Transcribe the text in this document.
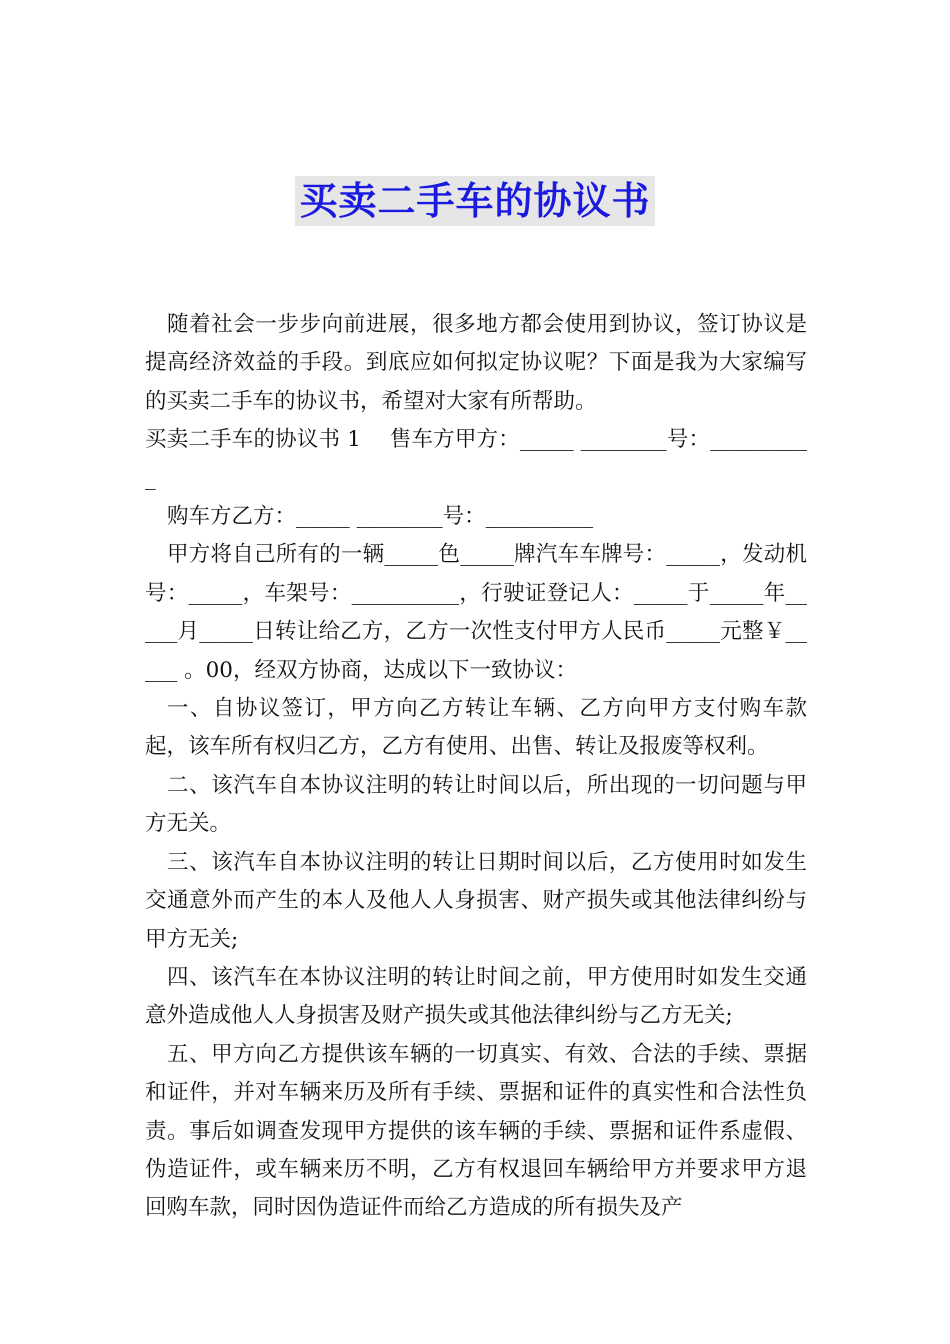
买卖二手车的协议书

随着社会一步步向前进展，很多地方都会使用到协议，签订协议是提高经济效益的手段。到底应如何拟定协议呢？下面是我为大家编写的买卖二手车的协议书，希望对大家有所帮助。

买卖二手车的协议书 1　 售车方甲方：_____ ________号：__________

购车方乙方：_____ ________号：__________

甲方将自己所有的一辆_____色_____牌汽车车牌号：_____，发动机号：_____，车架号：__________，行驶证登记人：_____于_____年_____月_____日转让给乙方，乙方一次性支付甲方人民币_____元整￥_____ 。00，经双方协商，达成以下一致协议：

一、自协议签订，甲方向乙方转让车辆、乙方向甲方支付购车款起，该车所有权归乙方，乙方有使用、出售、转让及报废等权利。

二、该汽车自本协议注明的转让时间以后，所出现的一切问题与甲方无关。

三、该汽车自本协议注明的转让日期时间以后，乙方使用时如发生交通意外而产生的本人及他人人身损害、财产损失或其他法律纠纷与甲方无关;

四、该汽车在本协议注明的转让时间之前，甲方使用时如发生交通意外造成他人人身损害及财产损失或其他法律纠纷与乙方无关;

五、甲方向乙方提供该车辆的一切真实、有效、合法的手续、票据和证件，并对车辆来历及所有手续、票据和证件的真实性和合法性负责。事后如调查发现甲方提供的该车辆的手续、票据和证件系虚假、伪造证件，或车辆来历不明，乙方有权退回车辆给甲方并要求甲方退回购车款，同时因伪造证件而给乙方造成的所有损失及产
